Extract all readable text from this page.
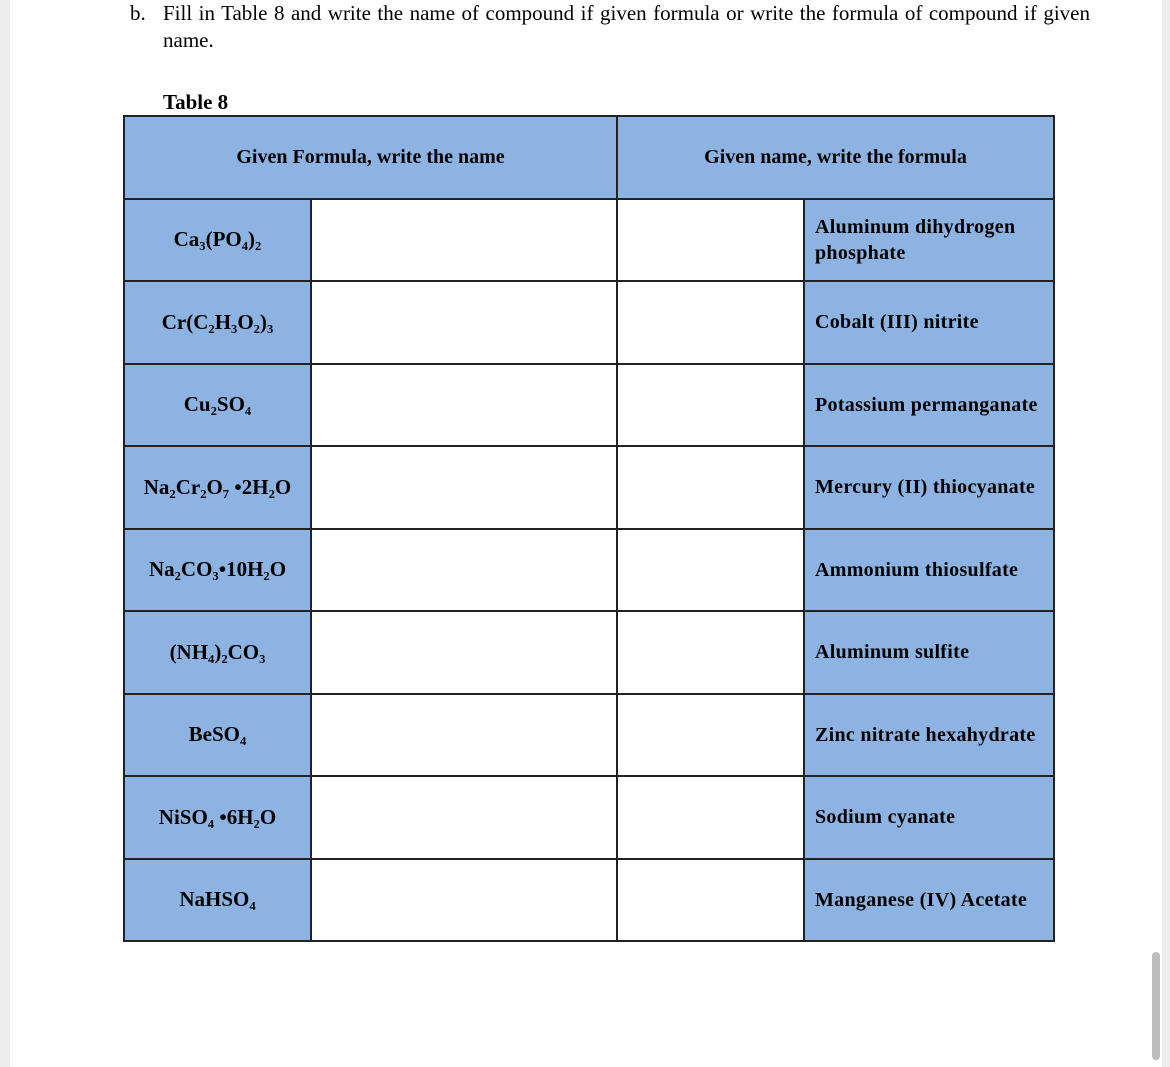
b. Fill in Table 8 and write the name of compound if given formula or write the formula of compound if given name.
Table 8
Given Formula, write the name		Given name, write the formula	
Ca₃(PO₄)₂			Aluminum dihydrogen phosphate
Cr(C₂H₃O₂)₃			Cobalt (III) nitrite
Cu₂SO₄			Potassium permanganate
Na₂Cr₂O₇ •2H₂O			Mercury (II) thiocyanate
Na₂CO₃•10H₂O			Ammonium thiosulfate
(NH₄)₂CO₃			Aluminum sulfite
BeSO₄			Zinc nitrate hexahydrate
NiSO₄ •6H₂O			Sodium cyanate
NaHSO₄			Manganese (IV) Acetate
